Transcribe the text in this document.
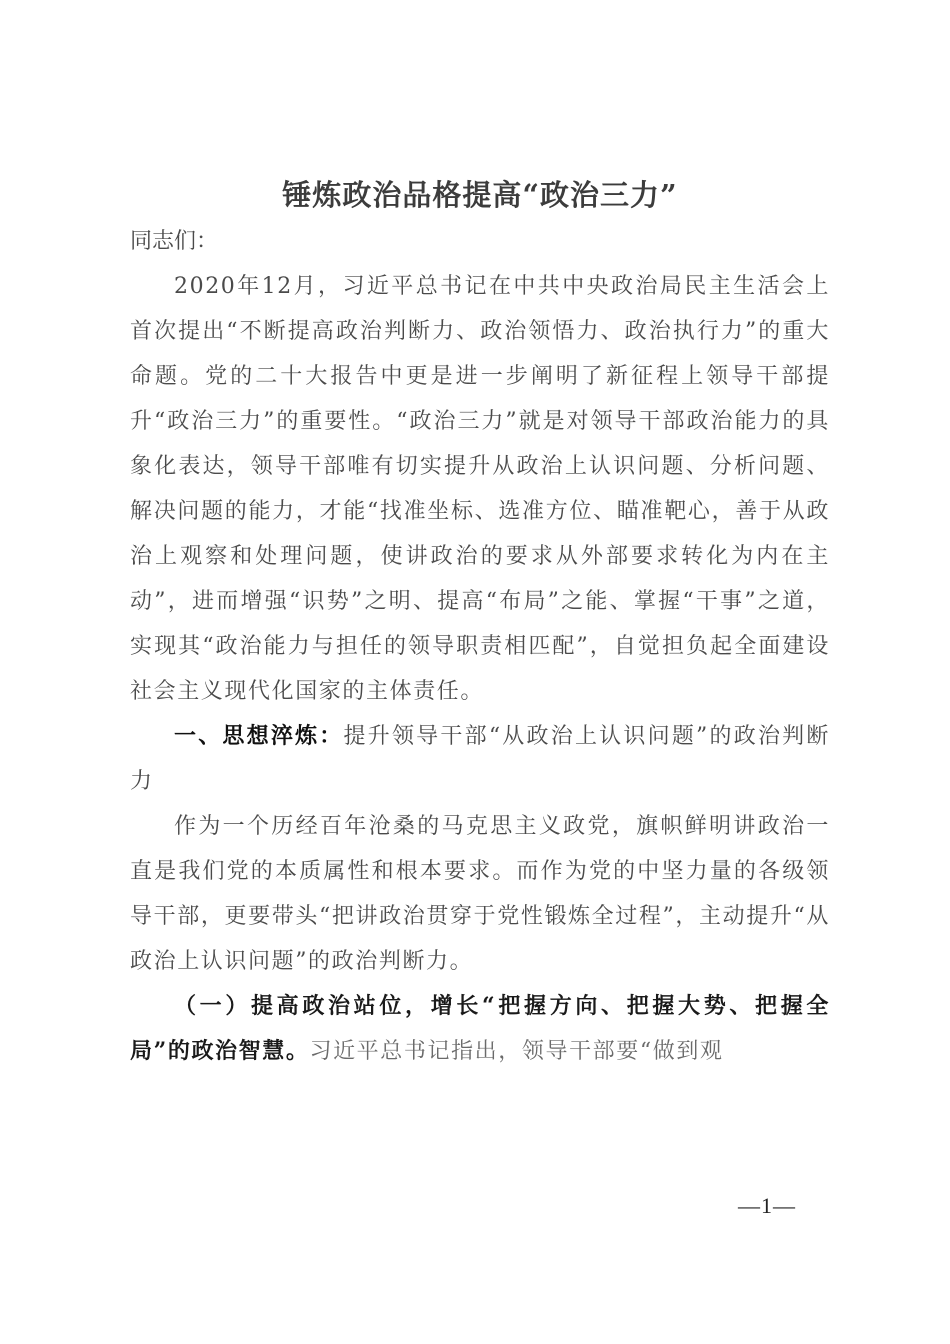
锤炼政治品格提高“政治三力”

同志们：

2020年12月，习近平总书记在中共中央政治局民主生活会上首次提出“不断提高政治判断力、政治领悟力、政治执行力”的重大命题。党的二十大报告中更是进一步阐明了新征程上领导干部提升“政治三力”的重要性。“政治三力”就是对领导干部政治能力的具象化表达，领导干部唯有切实提升从政治上认识问题、分析问题、解决问题的能力，才能“找准坐标、选准方位、瞄准靶心，善于从政治上观察和处理问题，使讲政治的要求从外部要求转化为内在主动”，进而增强“识势”之明、提高“布局”之能、掌握“干事”之道，实现其“政治能力与担任的领导职责相匹配”，自觉担负起全面建设社会主义现代化国家的主体责任。

一、思想淬炼：提升领导干部“从政治上认识问题”的政治判断力

作为一个历经百年沧桑的马克思主义政党，旗帜鲜明讲政治一直是我们党的本质属性和根本要求。而作为党的中坚力量的各级领导干部，更要带头“把讲政治贯穿于党性锻炼全过程”，主动提升“从政治上认识问题”的政治判断力。

（一）提高政治站位，增长“把握方向、把握大势、把握全局”的政治智慧。习近平总书记指出，领导干部要“做到观

—1—
